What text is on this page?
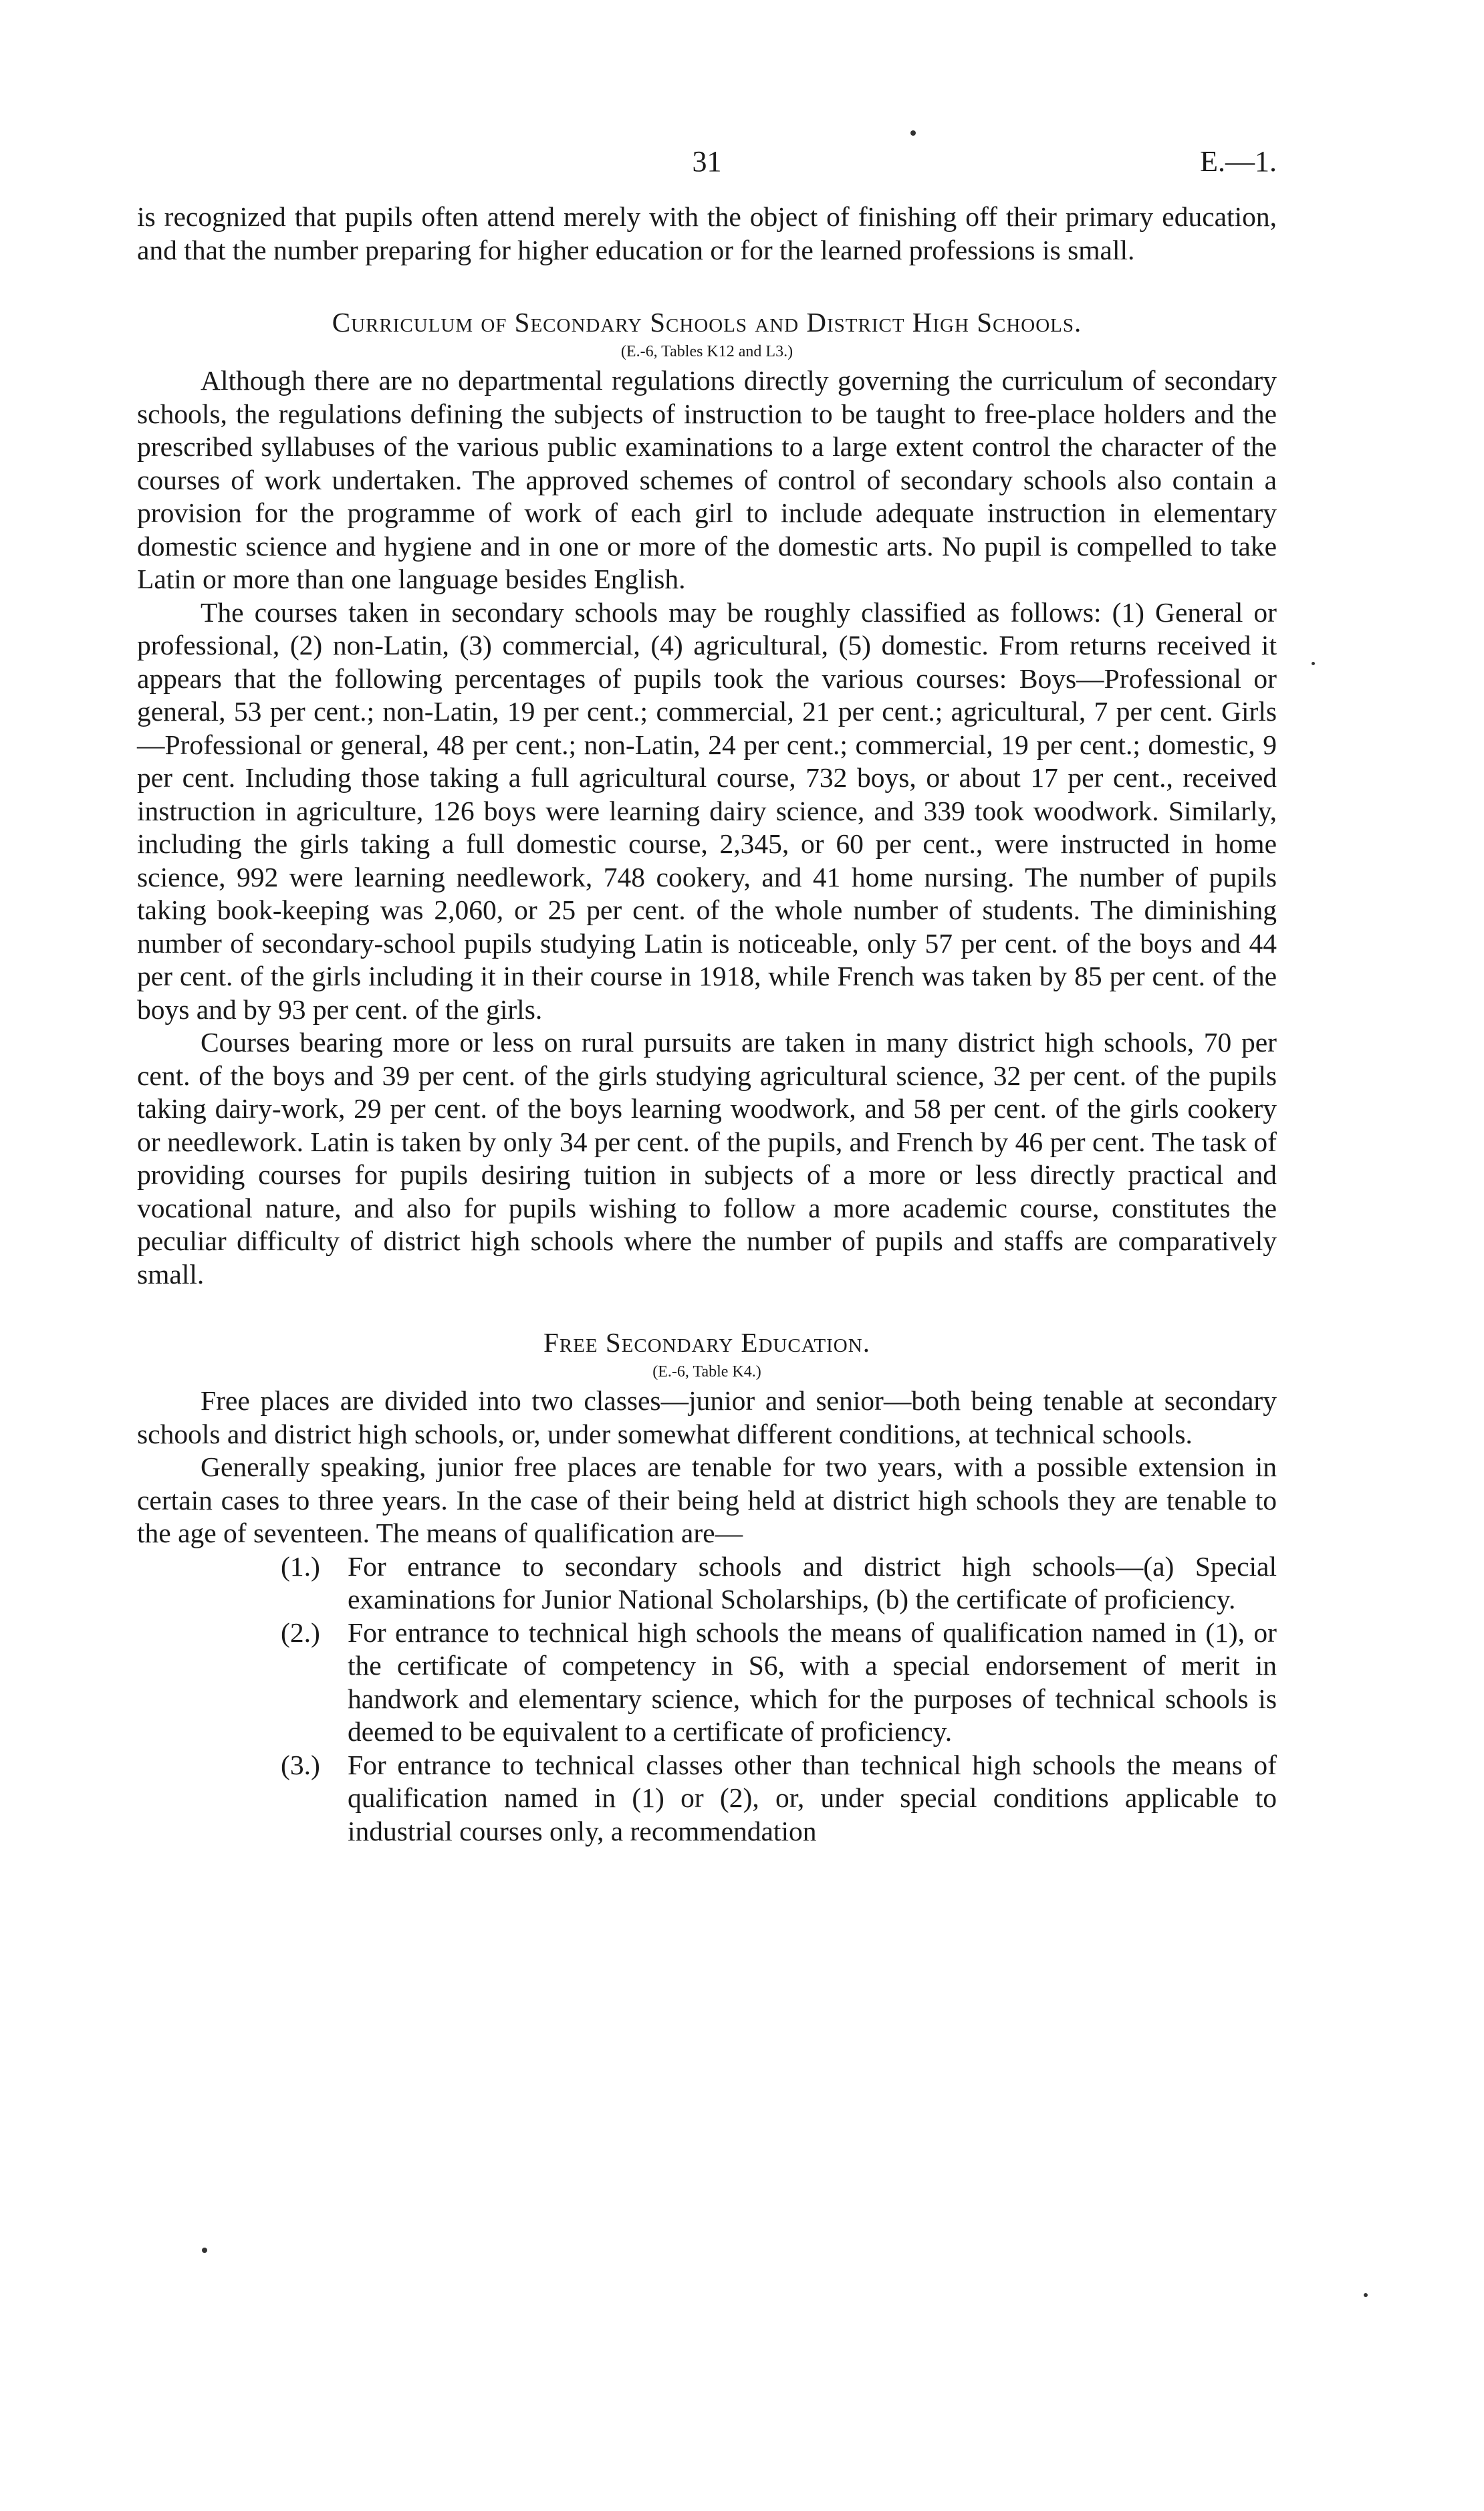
31	E.—1.

is recognized that pupils often attend merely with the object of finishing off their primary education, and that the number preparing for higher education or for the learned professions is small.

Curriculum of Secondary Schools and District High Schools.
(E.-6, Tables K12 and L3.)

Although there are no departmental regulations directly governing the curriculum of secondary schools, the regulations defining the subjects of instruction to be taught to free-place holders and the prescribed syllabuses of the various public examinations to a large extent control the character of the courses of work undertaken. The approved schemes of control of secondary schools also contain a provision for the programme of work of each girl to include adequate instruction in elementary domestic science and hygiene and in one or more of the domestic arts. No pupil is compelled to take Latin or more than one language besides English.

The courses taken in secondary schools may be roughly classified as follows: (1) General or professional, (2) non-Latin, (3) commercial, (4) agricultural, (5) domestic. From returns received it appears that the following percentages of pupils took the various courses: Boys—Professional or general, 53 per cent.; non-Latin, 19 per cent.; commercial, 21 per cent.; agricultural, 7 per cent. Girls—Professional or general, 48 per cent.; non-Latin, 24 per cent.; commercial, 19 per cent.; domestic, 9 per cent. Including those taking a full agricultural course, 732 boys, or about 17 per cent., received instruction in agriculture, 126 boys were learning dairy science, and 339 took woodwork. Similarly, including the girls taking a full domestic course, 2,345, or 60 per cent., were instructed in home science, 992 were learning needlework, 748 cookery, and 41 home nursing. The number of pupils taking book-keeping was 2,060, or 25 per cent. of the whole number of students. The diminishing number of secondary-school pupils studying Latin is noticeable, only 57 per cent. of the boys and 44 per cent. of the girls including it in their course in 1918, while French was taken by 85 per cent. of the boys and by 93 per cent. of the girls.

Courses bearing more or less on rural pursuits are taken in many district high schools, 70 per cent. of the boys and 39 per cent. of the girls studying agricultural science, 32 per cent. of the pupils taking dairy-work, 29 per cent. of the boys learning woodwork, and 58 per cent. of the girls cookery or needlework. Latin is taken by only 34 per cent. of the pupils, and French by 46 per cent. The task of providing courses for pupils desiring tuition in subjects of a more or less directly practical and vocational nature, and also for pupils wishing to follow a more academic course, constitutes the peculiar difficulty of district high schools where the number of pupils and staffs are comparatively small.

Free Secondary Education.
(E.-6, Table K4.)

Free places are divided into two classes—junior and senior—both being tenable at secondary schools and district high schools, or, under somewhat different conditions, at technical schools.

Generally speaking, junior free places are tenable for two years, with a possible extension in certain cases to three years. In the case of their being held at district high schools they are tenable to the age of seventeen. The means of qualification are—

(1.) For entrance to secondary schools and district high schools—(a) Special examinations for Junior National Scholarships, (b) the certificate of proficiency.
(2.) For entrance to technical high schools the means of qualification named in (1), or the certificate of competency in S6, with a special endorsement of merit in handwork and elementary science, which for the purposes of technical schools is deemed to be equivalent to a certificate of proficiency.
(3.) For entrance to technical classes other than technical high schools the means of qualification named in (1) or (2), or, under special conditions applicable to industrial courses only, a recommendation
